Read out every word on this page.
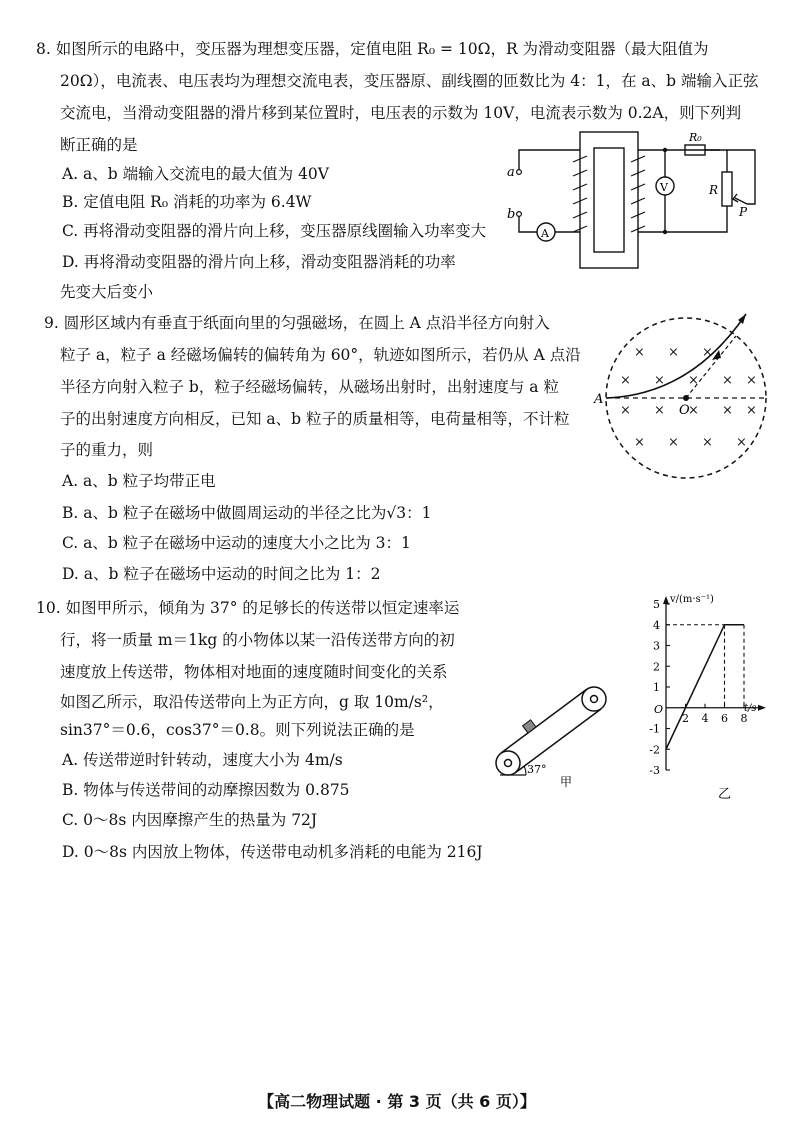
8. 如图所示的电路中，变压器为理想变压器，定值电阻 R₀ = 10Ω，R 为滑动变阻器（最大阻值为
20Ω），电流表、电压表均为理想交流电表，变压器原、副线圈的匝数比为 4：1，在 a、b 端输入正弦
交流电，当滑动变阻器的滑片移到某位置时，电压表的示数为 10V，电流表示数为 0.2A，则下列判
断正确的是
A. a、b 端输入交流电的最大值为 40V
B. 定值电阻 R₀ 消耗的功率为 6.4W
C. 再将滑动变阻器的滑片向上移，变压器原线圈输入功率变大
D. 再将滑动变阻器的滑片向上移，滑动变阻器消耗的功率
先变大后变小
a
b
A
V
R₀
R
P
9. 圆形区域内有垂直于纸面向里的匀强磁场，在圆上 A 点沿半径方向射入
粒子 a，粒子 a 经磁场偏转的偏转角为 60°，轨迹如图所示，若仍从 A 点沿
半径方向射入粒子 b，粒子经磁场偏转，从磁场出射时，出射速度与 a 粒
子的出射速度方向相反，已知 a、b 粒子的质量相等，电荷量相等，不计粒
子的重力，则
A. a、b 粒子均带正电
B. a、b 粒子在磁场中做圆周运动的半径之比为√3：1
C. a、b 粒子在磁场中运动的速度大小之比为 3：1
D. a、b 粒子在磁场中运动的时间之比为 1：2
× × ×
× × × × ×
× × × × ×
× × × ×
A
O
10. 如图甲所示，倾角为 37° 的足够长的传送带以恒定速率运
行，将一质量 m＝1kg 的小物体以某一沿传送带方向的初
速度放上传送带，物体相对地面的速度随时间变化的关系
如图乙所示，取沿传送带向上为正方向，g 取 10m/s²，
sin37°＝0.6，cos37°＝0.8。则下列说法正确的是
A. 传送带逆时针转动，速度大小为 4m/s
B. 物体与传送带间的动摩擦因数为 0.875
C. 0～8s 内因摩擦产生的热量为 72J
D. 0～8s 内因放上物体，传送带电动机多消耗的电能为 216J
37°
甲
5
4
3
2
1
-1
-2
-3
2 4 6 8
v/(m·s⁻¹)
t/s
O
乙
【高二物理试题 · 第 3 页（共 6 页）】
